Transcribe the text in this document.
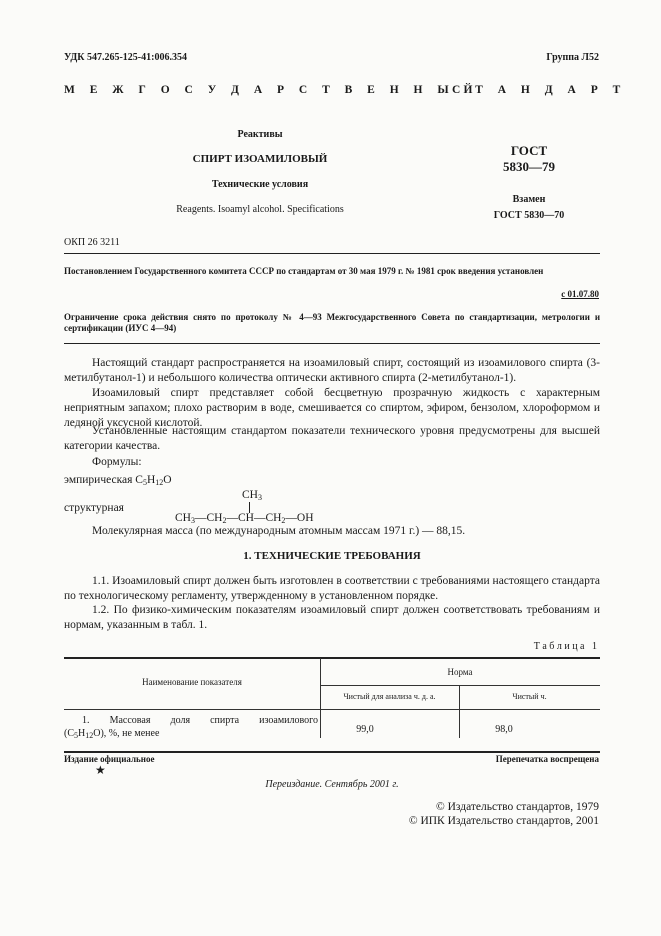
УДК 547.265-125-41:006.354	Группа Л52
М Е Ж Г О С У Д А Р С Т В Е Н Н Ы Й
С Т А Н Д А Р Т
Реактивы
СПИРТ ИЗОАМИЛОВЫЙ
Технические условия
Reagents. Isoamyl alcohol. Specifications
ГОСТ
5830—79
Взамен
ГОСТ 5830—70
ОКП 26 3211
Постановлением Государственного комитета СССР по стандартам от 30 мая 1979 г. № 1981 срок введения установлен
с 01.07.80
Ограничение срока действия снято по протоколу № 4—93 Межгосударственного Совета по стандартизации, метрологии и сертификации (ИУС 4—94)
Настоящий стандарт распространяется на изоамиловый спирт, состоящий из изоамилового спирта (3-метилбутанол-1) и небольшого количества оптически активного спирта (2-метилбутанол-1).
Изоамиловый спирт представляет собой бесцветную прозрачную жидкость с характерным неприятным запахом; плохо растворим в воде, смешивается со спиртом, эфиром, бензолом, хлороформом и ледяной уксусной кислотой.
Установленные настоящим стандартом показатели технического уровня предусмотрены для высшей категории качества.
Формулы:
эмпирическая $C_5H_{12}O$
$CH_3$
структурная
$CH_3—CH_2—CH—CH_2—OH$
Молекулярная масса (по международным атомным массам 1971 г.) — 88,15.
1. ТЕХНИЧЕСКИЕ ТРЕБОВАНИЯ
1.1. Изоамиловый спирт должен быть изготовлен в соответствии с требованиями настоящего стандарта по технологическому регламенту, утвержденному в установленном порядке.
1.2. По физико-химическим показателям изоамиловый спирт должен соответствовать требованиям и нормам, указанным в табл. 1.
Т а б л и ц а   1
Наименование показателя
Норма
Чистый для анализа ч. д. а.	Чистый ч.
1. Массовая доля спирта изоамилового
$(C_5H_{12}O)$, %, не менее	99,0	98,0
Издание официальное	Перепечатка воспрещена
★
Переиздание. Сентябрь 2001 г.
© Издательство стандартов, 1979
© ИПК Издательство стандартов, 2001
